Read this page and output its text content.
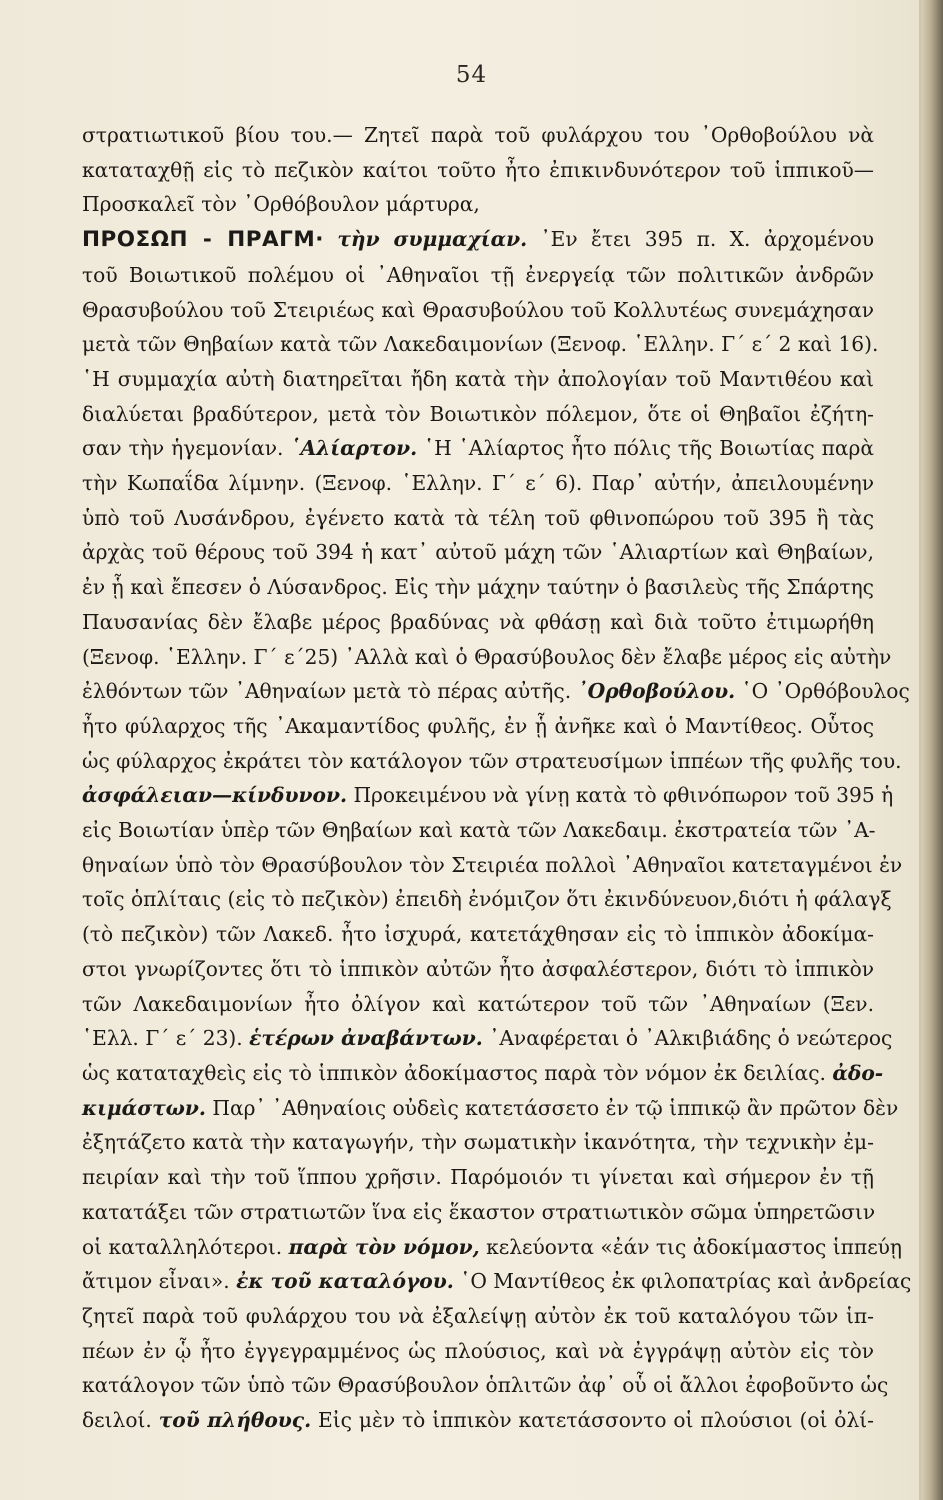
54
στρατιωτικοῦ βίου του.— Ζητεῖ παρὰ τοῦ φυλάρχου του ᾿Ορθοβούλου νὰ
καταταχθῇ εἰς τὸ πεζικὸν καίτοι τοῦτο ἦτο ἐπικινδυνότερον τοῦ ἱππικοῦ—
Προσκαλεῖ τὸν ᾿Ορθόβουλον μάρτυρα,
ΠΡΟΣΩΠ - ΠΡΑΓΜ· τὴν συμμαχίαν. ᾿Εν ἔτει 395 π. Χ. ἀρχομένου
τοῦ Βοιωτικοῦ πολέμου οἱ ᾿Αθηναῖοι τῇ ἐνεργείᾳ τῶν πολιτικῶν ἀνδρῶν
Θρασυβούλου τοῦ Στειριέως καὶ Θρασυβούλου τοῦ Κολλυτέως συνεμάχησαν
μετὰ τῶν Θηβαίων κατὰ τῶν Λακεδαιμονίων (Ξενοφ. ῾Ελλην. Γ΄ ε΄ 2 καὶ 16).
῾Η συμμαχία αὐτὴ διατηρεῖται ἤδη κατὰ τὴν ἀπολογίαν τοῦ Μαντιθέου καὶ
διαλύεται βραδύτερον, μετὰ τὸν Βοιωτικὸν πόλεμον, ὅτε οἱ Θηβαῖοι ἐζήτη-
σαν τὴν ἡγεμονίαν. ῾Αλίαρτον. ῾Η ῾Αλίαρτος ἦτο πόλις τῆς Βοιωτίας παρὰ
τὴν Κωπαΐδα λίμνην. (Ξενοφ. ῾Ελλην. Γ΄ ε΄ 6). Παρ᾿ αὐτήν, ἀπειλουμένην
ὑπὸ τοῦ Λυσάνδρου, ἐγένετο κατὰ τὰ τέλη τοῦ φθινοπώρου τοῦ 395 ἢ τὰς
ἀρχὰς τοῦ θέρους τοῦ 394 ἡ κατ᾿ αὐτοῦ μάχη τῶν ῾Αλιαρτίων καὶ Θηβαίων,
ἐν ᾗ καὶ ἔπεσεν ὁ Λύσανδρος. Εἰς τὴν μάχην ταύτην ὁ βασιλεὺς τῆς Σπάρτης
Παυσανίας δὲν ἔλαβε μέρος βραδύνας νὰ φθάσῃ καὶ διὰ τοῦτο ἐτιμωρήθη
(Ξενοφ. ῾Ελλην. Γ΄ ε΄25) ᾿Αλλὰ καὶ ὁ Θρασύβουλος δὲν ἔλαβε μέρος εἰς αὐτὴν
ἐλθόντων τῶν ᾿Αθηναίων μετὰ τὸ πέρας αὐτῆς. ᾿Ορθοβούλου. ῾Ο ᾿Ορθόβουλος
ἦτο φύλαρχος τῆς ᾿Ακαμαντίδος φυλῆς, ἐν ᾗ ἀνῆκε καὶ ὁ Μαντίθεος. Οὗτος
ὡς φύλαρχος ἐκράτει τὸν κατάλογον τῶν στρατευσίμων ἱππέων τῆς φυλῆς του.
ἀσφάλειαν—κίνδυνον. Προκειμένου νὰ γίνῃ κατὰ τὸ φθινόπωρον τοῦ 395 ἡ
εἰς Βοιωτίαν ὑπὲρ τῶν Θηβαίων καὶ κατὰ τῶν Λακεδαιμ. ἐκστρατεία τῶν ᾿Α-
θηναίων ὑπὸ τὸν Θρασύβουλον τὸν Στειριέα πολλοὶ ᾿Αθηναῖοι κατεταγμένοι ἐν
τοῖς ὁπλίταις (εἰς τὸ πεζικὸν) ἐπειδὴ ἐνόμιζον ὅτι ἐκινδύνευον,διότι ἡ φάλαγξ
(τὸ πεζικὸν) τῶν Λακεδ. ἦτο ἰσχυρά, κατετάχθησαν εἰς τὸ ἱππικὸν ἀδοκίμα-
στοι γνωρίζοντες ὅτι τὸ ἱππικὸν αὐτῶν ἦτο ἀσφαλέστερον, διότι τὸ ἱππικὸν
τῶν Λακεδαιμονίων ἦτο ὀλίγον καὶ κατώτερον τοῦ τῶν ᾿Αθηναίων (Ξεν.
῾Ελλ. Γ΄ ε΄ 23). ἑτέρων ἀναβάντων. ᾿Αναφέρεται ὁ ᾿Αλκιβιάδης ὁ νεώτερος
ὡς καταταχθεὶς εἰς τὸ ἱππικὸν ἀδοκίμαστος παρὰ τὸν νόμον ἐκ δειλίας. ἀδο-
κιμάστων. Παρ᾿ ᾿Αθηναίοις οὐδεὶς κατετάσσετο ἐν τῷ ἱππικῷ ἂν πρῶτον δὲν
ἐξητάζετο κατὰ τὴν καταγωγήν, τὴν σωματικὴν ἱκανότητα, τὴν τεχνικὴν ἐμ-
πειρίαν καὶ τὴν τοῦ ἵππου χρῆσιν. Παρόμοιόν τι γίνεται καὶ σήμερον ἐν τῇ
κατατάξει τῶν στρατιωτῶν ἵνα εἰς ἕκαστον στρατιωτικὸν σῶμα ὑπηρετῶσιν
οἱ καταλληλότεροι. παρὰ τὸν νόμον, κελεύοντα «ἐάν τις ἀδοκίμαστος ἱππεύῃ
ἄτιμον εἶναι». ἐκ τοῦ καταλόγου. ῾Ο Μαντίθεος ἐκ φιλοπατρίας καὶ ἀνδρείας
ζητεῖ παρὰ τοῦ φυλάρχου του νὰ ἐξαλείψῃ αὐτὸν ἐκ τοῦ καταλόγου τῶν ἱπ-
πέων ἐν ᾧ ἦτο ἐγγεγραμμένος ὡς πλούσιος, καὶ νὰ ἐγγράψῃ αὐτὸν εἰς τὸν
κατάλογον τῶν ὑπὸ τῶν Θρασύβουλον ὁπλιτῶν ἀφ᾿ οὗ οἱ ἄλλοι ἐφοβοῦντο ὡς
δειλοί. τοῦ πλήθους. Εἰς μὲν τὸ ἱππικὸν κατετάσσοντο οἱ πλούσιοι (οἱ ὀλί-
